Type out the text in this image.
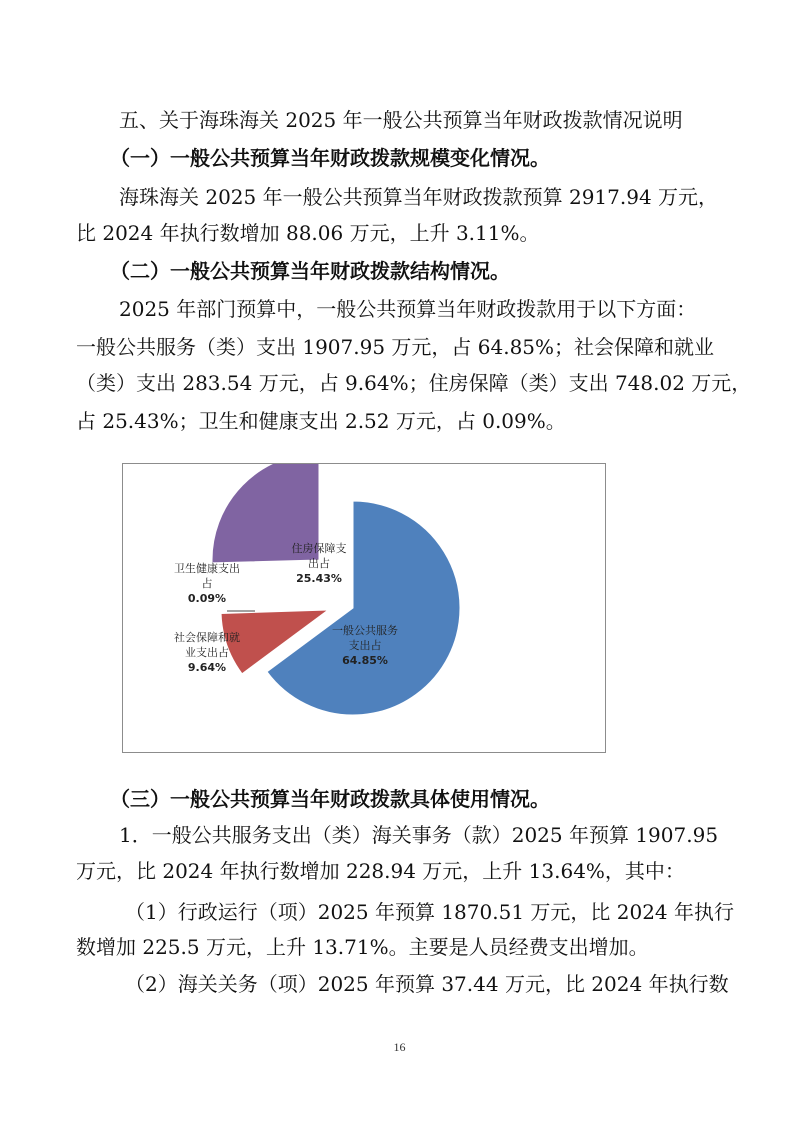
五、关于海珠海关 2025 年一般公共预算当年财政拨款情况说明
（一）一般公共预算当年财政拨款规模变化情况。
海珠海关 2025 年一般公共预算当年财政拨款预算 2917.94 万元，
比 2024 年执行数增加 88.06 万元，上升 3.11%。
（二）一般公共预算当年财政拨款结构情况。
2025 年部门预算中，一般公共预算当年财政拨款用于以下方面：
一般公共服务（类）支出 1907.95 万元，占 64.85%；社会保障和就业
（类）支出 283.54 万元，占 9.64%；住房保障（类）支出 748.02 万元，
占 25.43%；卫生和健康支出 2.52 万元，占 0.09%。
一般公共服务支出占
64.85%
社会保障和就业支出占
9.64%
卫生健康支出占
0.09%
住房保障支出占
25.43%
（三）一般公共预算当年财政拨款具体使用情况。
1．一般公共服务支出（类）海关事务（款）2025 年预算 1907.95
万元，比 2024 年执行数增加 228.94 万元，上升 13.64%，其中：
（1）行政运行（项）2025 年预算 1870.51 万元，比 2024 年执行
数增加 225.5 万元，上升 13.71%。主要是人员经费支出增加。
（2）海关关务（项）2025 年预算 37.44 万元，比 2024 年执行数
16
